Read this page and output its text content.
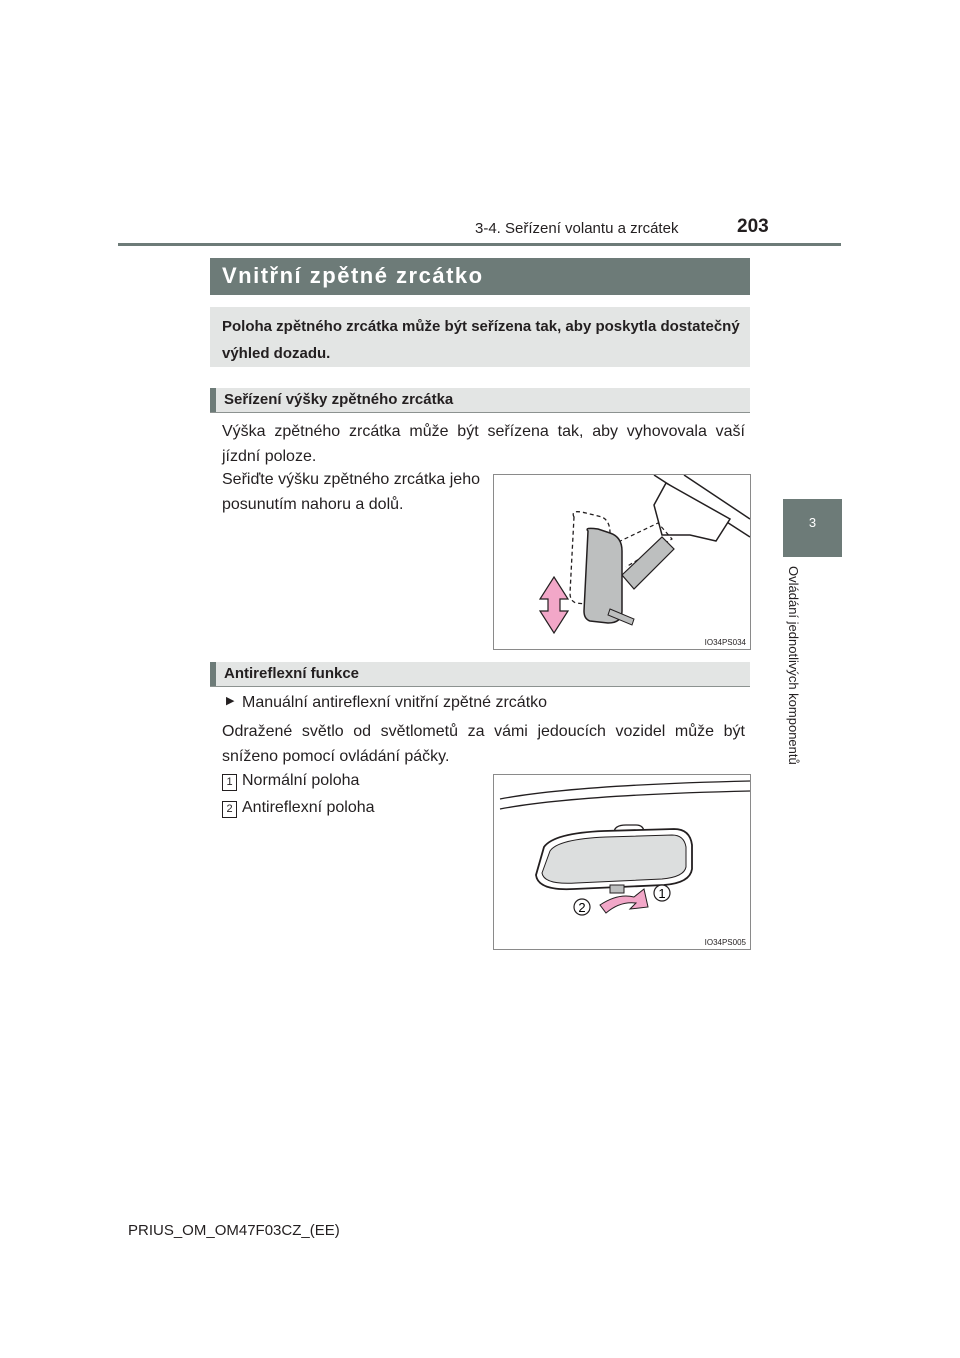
3-4. Seřízení volantu a zrcátek	203
3
Ovládání jednotlivých komponentů
Vnitřní zpětné zrcátko
Poloha zpětného zrcátka může být seřízena tak, aby poskytla dostatečný výhled dozadu.
Seřízení výšky zpětného zrcátka
Výška zpětného zrcátka může být seřízena tak, aby vyhovovala vaší jízdní poloze.
Seřiďte výšku zpětného zrcátka jeho posunutím nahoru a dolů.
IO34PS034
Antireflexní funkce
▶ Manuální antireflexní vnitřní zpětné zrcátko
Odražené světlo od světlometů za vámi jedoucích vozidel může být sníženo pomocí ovládání páčky.
1 Normální poloha
2 Antireflexní poloha
2
1
IO34PS005
PRIUS_OM_OM47F03CZ_(EE)
